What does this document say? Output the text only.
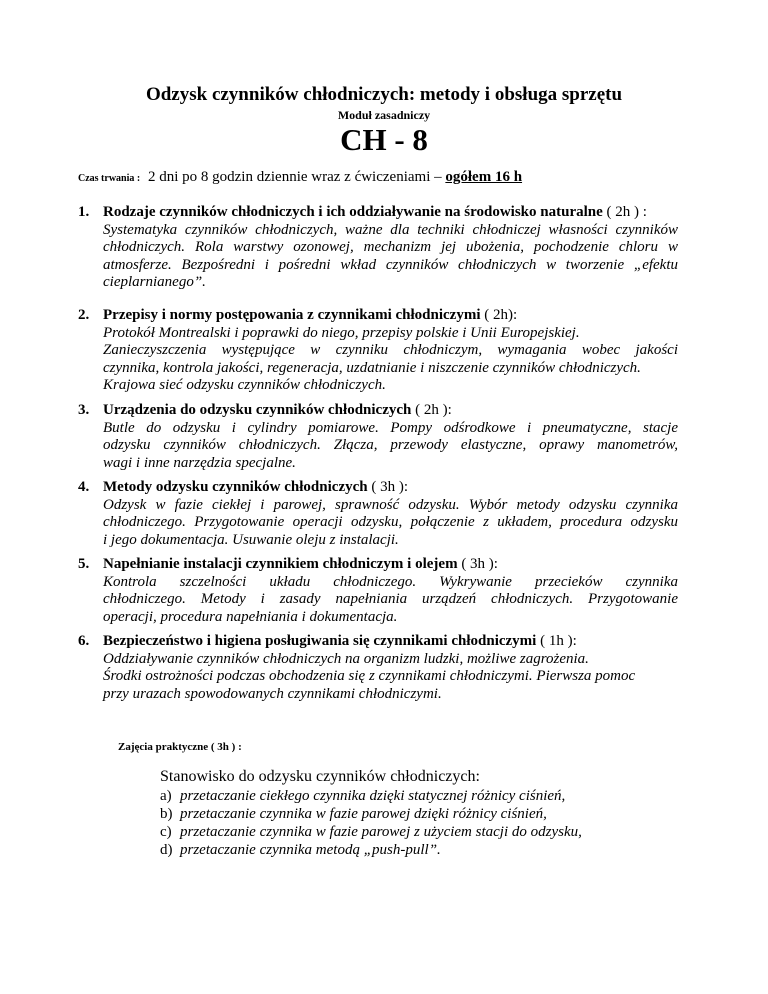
Odzysk czynników chłodniczych: metody i obsługa sprzętu
Moduł zasadniczy
CH - 8
Czas trwania : 2 dni po 8 godzin dziennie wraz z ćwiczeniami – ogółem 16 h
1. Rodzaje czynników chłodniczych i ich oddziaływanie na środowisko naturalne ( 2h ) :
Systematyka czynników chłodniczych, ważne dla techniki chłodniczej własności czynników
chłodniczych. Rola warstwy ozonowej, mechanizm jej ubożenia, pochodzenie chloru w
atmosferze. Bezpośredni i pośredni wkład czynników chłodniczych w tworzenie „efektu
cieplarnianego”.
2. Przepisy i normy postępowania z czynnikami chłodniczymi ( 2h):
Protokół Montrealski i poprawki do niego, przepisy polskie i Unii Europejskiej.
Zanieczyszczenia występujące w czynniku chłodniczym, wymagania wobec jakości
czynnika, kontrola jakości, regeneracja, uzdatnianie i niszczenie czynników chłodniczych.
Krajowa sieć odzysku czynników chłodniczych.
3. Urządzenia do odzysku czynników chłodniczych ( 2h ):
Butle do odzysku i cylindry pomiarowe. Pompy odśrodkowe i pneumatyczne, stacje
odzysku czynników chłodniczych. Złącza, przewody elastyczne, oprawy manometrów,
wagi i inne narzędzia specjalne.
4. Metody odzysku czynników chłodniczych ( 3h ):
Odzysk w fazie ciekłej i parowej, sprawność odzysku. Wybór metody odzysku czynnika
chłodniczego. Przygotowanie operacji odzysku, połączenie z układem, procedura odzysku
i jego dokumentacja. Usuwanie oleju z instalacji.
5. Napełnianie instalacji czynnikiem chłodniczym i olejem ( 3h ):
Kontrola szczelności układu chłodniczego. Wykrywanie przecieków czynnika
chłodniczego. Metody i zasady napełniania urządzeń chłodniczych. Przygotowanie
operacji, procedura napełniania i dokumentacja.
6. Bezpieczeństwo i higiena posługiwania się czynnikami chłodniczymi ( 1h ):
Oddziaływanie czynników chłodniczych na organizm ludzki, możliwe zagrożenia.
Środki ostrożności podczas obchodzenia się z czynnikami chłodniczymi. Pierwsza pomoc
przy urazach spowodowanych czynnikami chłodniczymi.
Zajęcia praktyczne ( 3h ) :
Stanowisko do odzysku czynników chłodniczych:
a) przetaczanie ciekłego czynnika dzięki statycznej różnicy ciśnień,
b) przetaczanie czynnika w fazie parowej dzięki różnicy ciśnień,
c) przetaczanie czynnika w fazie parowej z użyciem stacji do odzysku,
d) przetaczanie czynnika metodą „push-pull”.
